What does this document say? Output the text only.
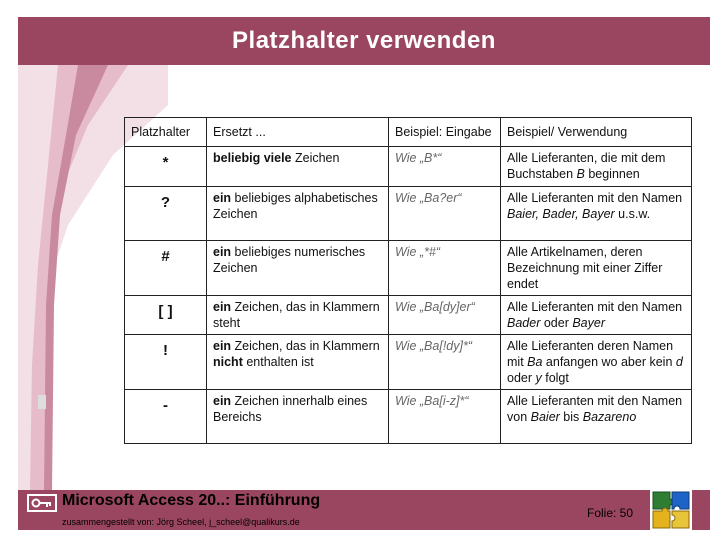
Platzhalter verwenden
Platzhalter	Ersetzt ...	Beispiel: Eingabe	Beispiel/ Verwendung
*	beliebig viele Zeichen	Wie „B*“	Alle Lieferanten, die mit dem Buchstaben B beginnen
?	ein beliebiges alphabetisches Zeichen	Wie „Ba?er“	Alle Lieferanten mit den Namen Baier, Bader, Bayer u.s.w.
#	ein beliebiges numerisches Zeichen	Wie „*#“	Alle Artikelnamen, deren Bezeichnung mit einer Ziffer endet
[ ]	ein Zeichen, das in Klammern steht	Wie „Ba[dy]er“	Alle Lieferanten mit den Namen Bader oder Bayer
!	ein Zeichen, das in Klammern nicht enthalten ist	Wie „Ba[!dy]*“	Alle Lieferanten deren Namen mit Ba anfangen wo aber kein d oder y folgt
-	ein Zeichen innerhalb eines Bereichs	Wie „Ba[i-z]*“	Alle Lieferanten mit den Namen von Baier bis Bazareno
Microsoft Access 20..: Einführung
zusammengestellt von: Jörg Scheel, j_scheel@qualikurs.de
Folie: 50
